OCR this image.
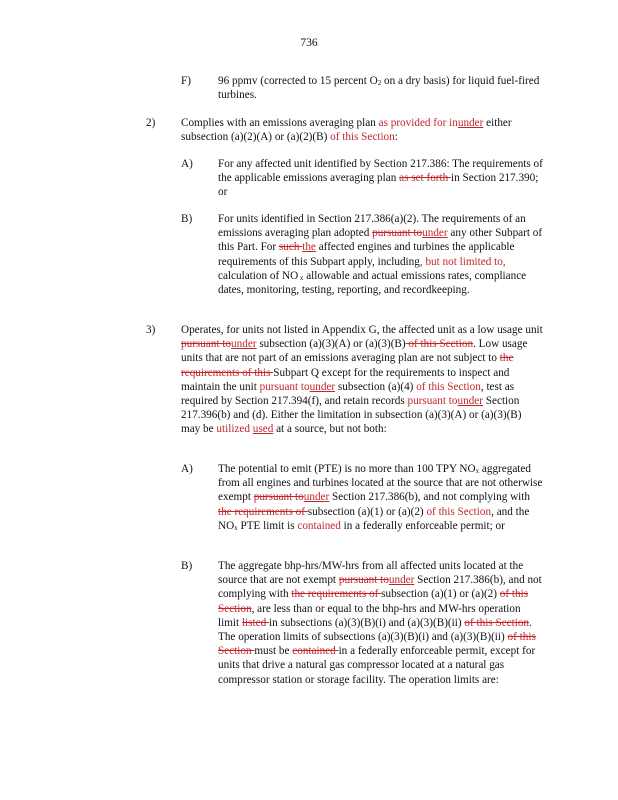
736
F) 96 ppmv (corrected to 15 percent $O_2$ on a dry basis) for liquid fuel-fired turbines.
2) Complies with an emissions averaging plan as provided for inunder either subsection (a)(2)(A) or (a)(2)(B) of this Section:
A) For any affected unit identified by Section 217.386: The requirements of the applicable emissions averaging plan as set forth in Section 217.390; or
B) For units identified in Section 217.386(a)(2). The requirements of an emissions averaging plan adopted pursuant tounder any other Subpart of this Part. For such the affected engines and turbines the applicable requirements of this Subpart apply, including, but not limited to, calculation of NO $_x$ allowable and actual emissions rates, compliance dates, monitoring, testing, reporting, and recordkeeping.
3) Operates, for units not listed in Appendix G, the affected unit as a low usage unit pursuant tounder subsection (a)(3)(A) or (a)(3)(B) of this Section. Low usage units that are not part of an emissions averaging plan are not subject to the requirements of this Subpart Q except for the requirements to inspect and maintain the unit pursuant tounder subsection (a)(4) of this Section, test as required by Section 217.394(f), and retain records pursuant tounder Section 217.396(b) and (d). Either the limitation in subsection (a)(3)(A) or (a)(3)(B) may be utilized used at a source, but not both:
A) The potential to emit (PTE) is no more than 100 TPY $NO_x$ aggregated from all engines and turbines located at the source that are not otherwise exempt pursuant tounder Section 217.386(b), and not complying with the requirements of subsection (a)(1) or (a)(2) of this Section, and the $NO_x$ PTE limit is contained in a federally enforceable permit; or
B) The aggregate bhp-hrs/MW-hrs from all affected units located at the source that are not exempt pursuant tounder Section 217.386(b), and not complying with the requirements of subsection (a)(1) or (a)(2) of this Section, are less than or equal to the bhp-hrs and MW-hrs operation limit listed in subsections (a)(3)(B)(i) and (a)(3)(B)(ii) of this Section. The operation limits of subsections (a)(3)(B)(i) and (a)(3)(B)(ii) of this Section must be contained in a federally enforceable permit, except for units that drive a natural gas compressor located at a natural gas compressor station or storage facility. The operation limits are:
